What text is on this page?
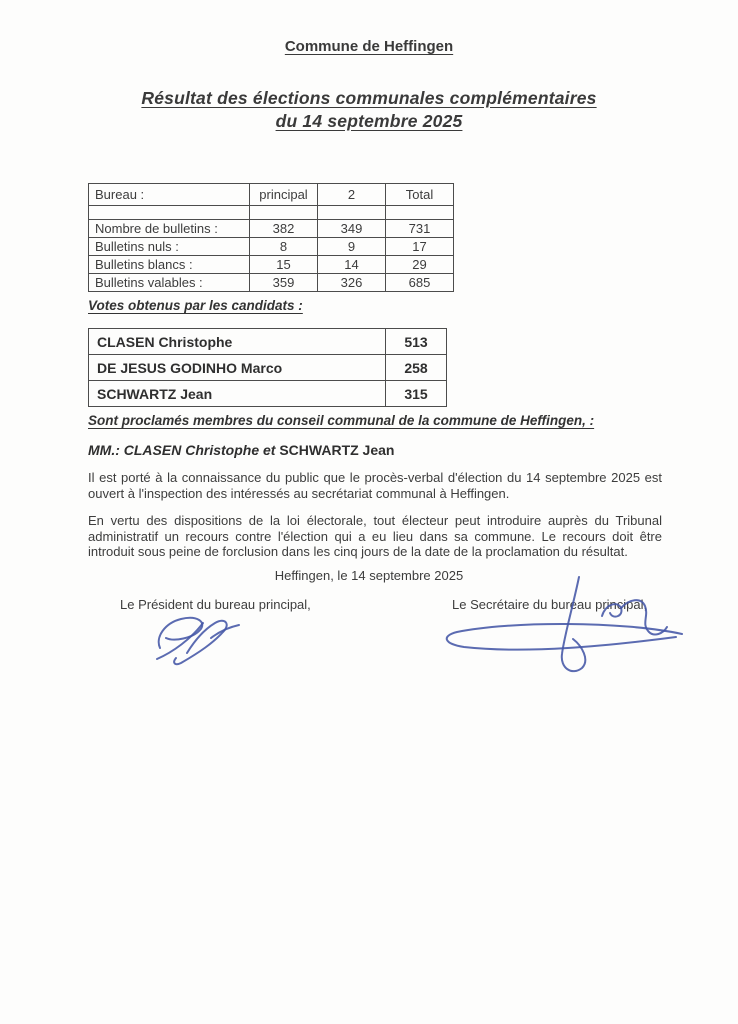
Commune de Heffingen
Résultat des élections communales complémentaires
du 14 septembre 2025
Bureau :	principal	2	Total

Nombre de bulletins :	382	349	731
Bulletins nuls :	8	9	17
Bulletins blancs :	15	14	29
Bulletins valables :	359	326	685
Votes obtenus par les candidats :
CLASEN Christophe	513
DE JESUS GODINHO Marco	258
SCHWARTZ Jean	315
Sont proclamés membres du conseil communal de la commune de Heffingen, :
MM.: CLASEN Christophe et SCHWARTZ Jean
Il est porté à la connaissance du public que le procès-verbal d'élection du 14 septembre 2025 est ouvert à l'inspection des intéressés au secrétariat communal à Heffingen.
En vertu des dispositions de la loi électorale, tout électeur peut introduire auprès du Tribunal administratif un recours contre l'élection qui a eu lieu dans sa commune. Le recours doit être introduit sous peine de forclusion dans les cinq jours de la date de la proclamation du résultat.
Heffingen, le 14 septembre 2025
Le Président du bureau principal,	Le Secrétaire du bureau principal,
